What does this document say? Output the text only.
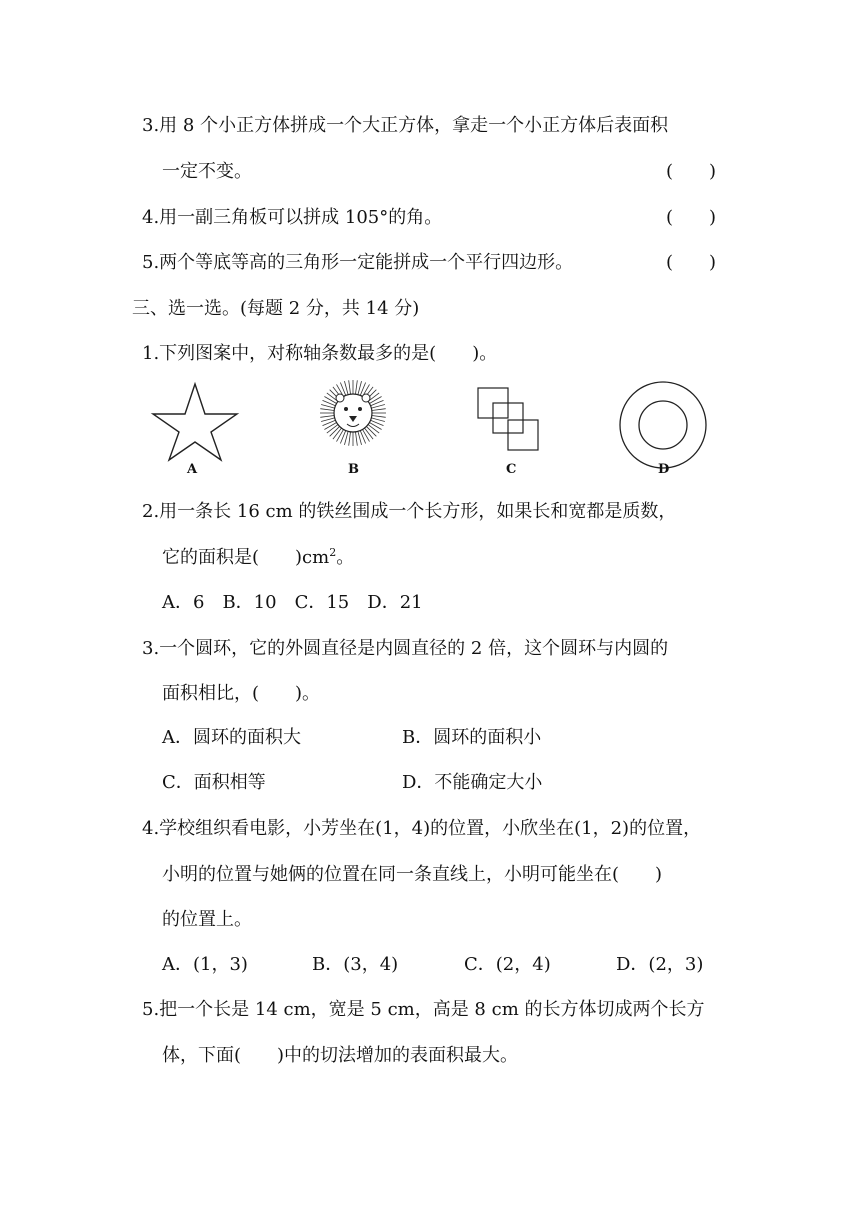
3.用 8 个小正方体拼成一个大正方体，拿走一个小正方体后表面积
一定不变。	(　　)
4.用一副三角板可以拼成 105°的角。	(　　)
5.两个等底等高的三角形一定能拼成一个平行四边形。	(　　)
三、选一选。(每题 2 分，共 14 分)
1.下列图案中，对称轴条数最多的是(　　)。
A	B	C	D
2.用一条长 16 cm 的铁丝围成一个长方形，如果长和宽都是质数，
它的面积是(　　)$cm^2$。
A．6　B．10　C．15　D．21
3.一个圆环，它的外圆直径是内圆直径的 2 倍，这个圆环与内圆的
面积相比，(　　)。
A．圆环的面积大	B．圆环的面积小
C．面积相等	D．不能确定大小
4.学校组织看电影，小芳坐在(1，4)的位置，小欣坐在(1，2)的位置，
小明的位置与她俩的位置在同一条直线上，小明可能坐在(　　)
的位置上。
A．(1，3)	B．(3，4)	C．(2，4)	D．(2，3)
5.把一个长是 14 cm，宽是 5 cm，高是 8 cm 的长方体切成两个长方
体，下面(　　)中的切法增加的表面积最大。
